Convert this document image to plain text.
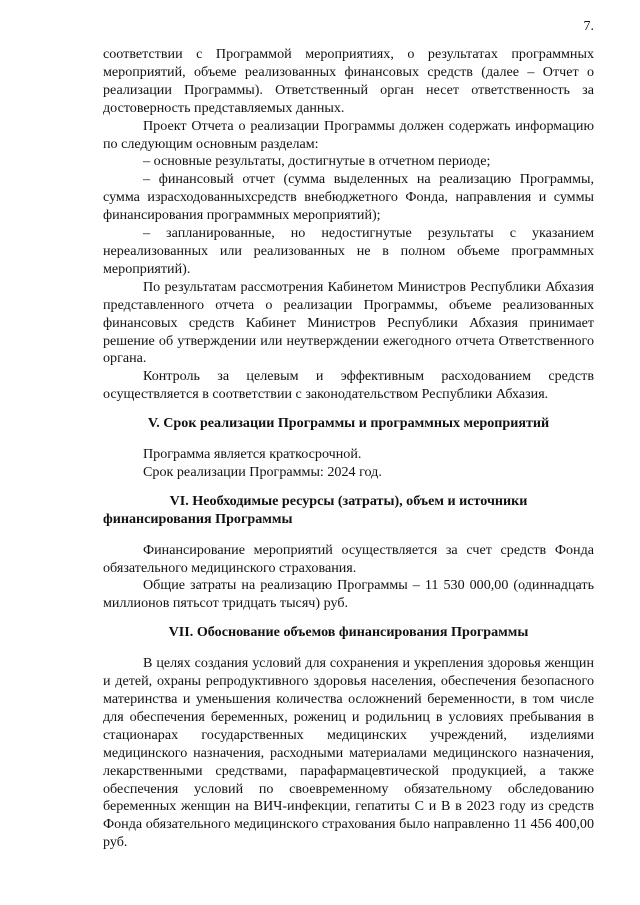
7.

соответствии с Программой мероприятиях, о результатах программных мероприятий, объеме реализованных финансовых средств (далее – Отчет о реализации Программы). Ответственный орган несет ответственность за достоверность представляемых данных.

Проект Отчета о реализации Программы должен содержать информацию по следующим основным разделам:

– основные результаты, достигнутые в отчетном периоде;

– финансовый отчет (сумма выделенных на реализацию Программы, сумма израсходованныхсредств внебюджетного Фонда, направления и суммы финансирования программных мероприятий);

– запланированные, но недостигнутые результаты с указанием нереализованных или реализованных не в полном объеме программных мероприятий).

По результатам рассмотрения Кабинетом Министров Республики Абхазия представленного отчета о реализации Программы, объеме реализованных финансовых средств Кабинет Министров Республики Абхазия принимает решение об утверждении или неутверждении ежегодного отчета Ответственного органа.

Контроль за целевым и эффективным расходованием средств осуществляется в соответствии с законодательством Республики Абхазия.

V. Срок реализации Программы и программных мероприятий

Программа является краткосрочной.

Срок реализации Программы: 2024 год.

VI. Необходимые ресурсы (затраты), объем и источники

финансирования Программы

Финансирование мероприятий осуществляется за счет средств Фонда обязательного медицинского страхования.

Общие затраты на реализацию Программы – 11 530 000,00 (одиннадцать миллионов пятьсот тридцать тысяч) руб.

VII. Обоснование объемов финансирования Программы

В целях создания условий для сохранения и укрепления здоровья женщин и детей, охраны репродуктивного здоровья населения, обеспечения безопасного материнства и уменьшения количества осложнений беременности, в том числе для обеспечения беременных, рожениц и родильниц в условиях пребывания в стационарах государственных медицинских учреждений, изделиями медицинского назначения, расходными материалами медицинского назначения, лекарственными средствами, парафармацевтической продукцией, а также обеспечения условий по своевременному обязательному обследованию беременных женщин на ВИЧ-инфекции, гепатиты С и В в 2023 году из средств Фонда обязательного медицинского страхования было направленно 11 456 400,00 руб.
